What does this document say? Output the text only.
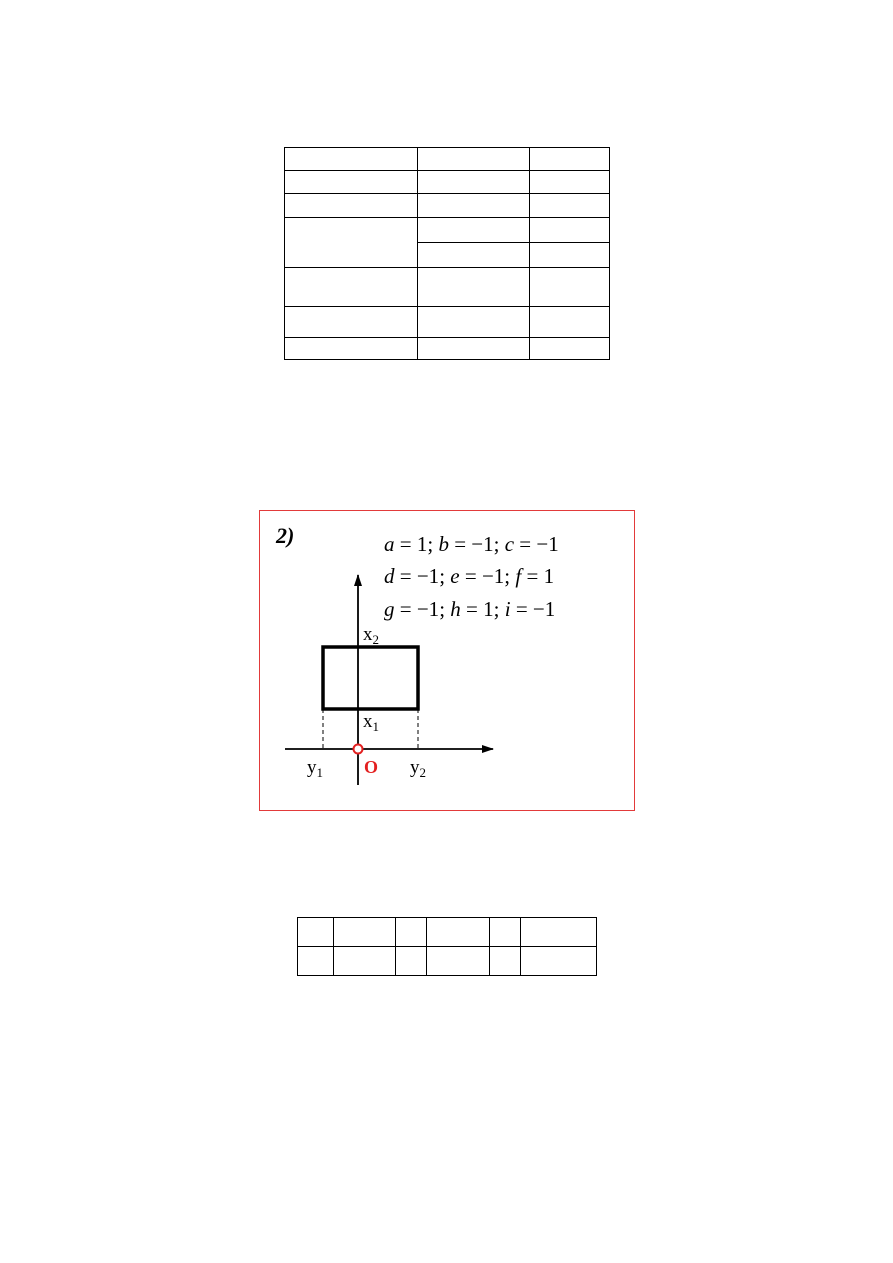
2)	a = 1; b = −1; c = −1
d = −1; e = −1; f = 1
g = −1; h = 1; i = −1
$x_2$
$x_1$
$y_1$	$y_2$
O
